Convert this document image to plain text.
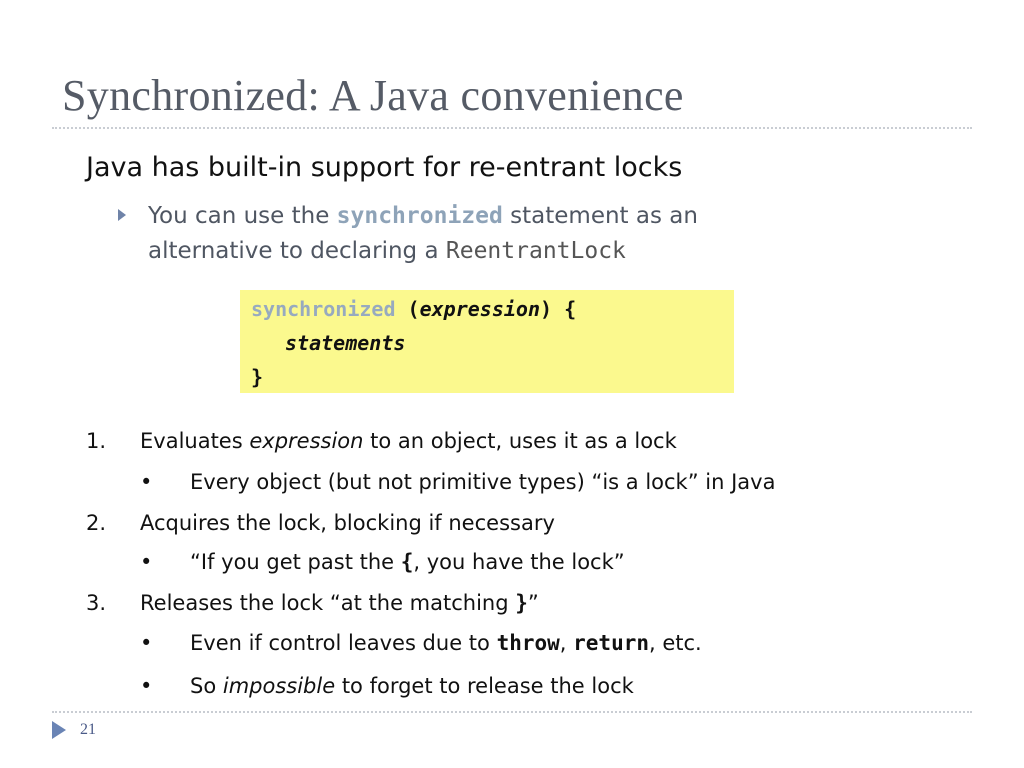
Synchronized: A Java convenience
Java has built-in support for re-entrant locks
You can use the synchronized statement as an
alternative to declaring a ReentrantLock
synchronized (expression) {
statements
}
1. Evaluates expression to an object, uses it as a lock
• Every object (but not primitive types) “is a lock” in Java
2. Acquires the lock, blocking if necessary
• “If you get past the {, you have the lock”
3. Releases the lock “at the matching }”
• Even if control leaves due to throw, return, etc.
• So impossible to forget to release the lock
21
